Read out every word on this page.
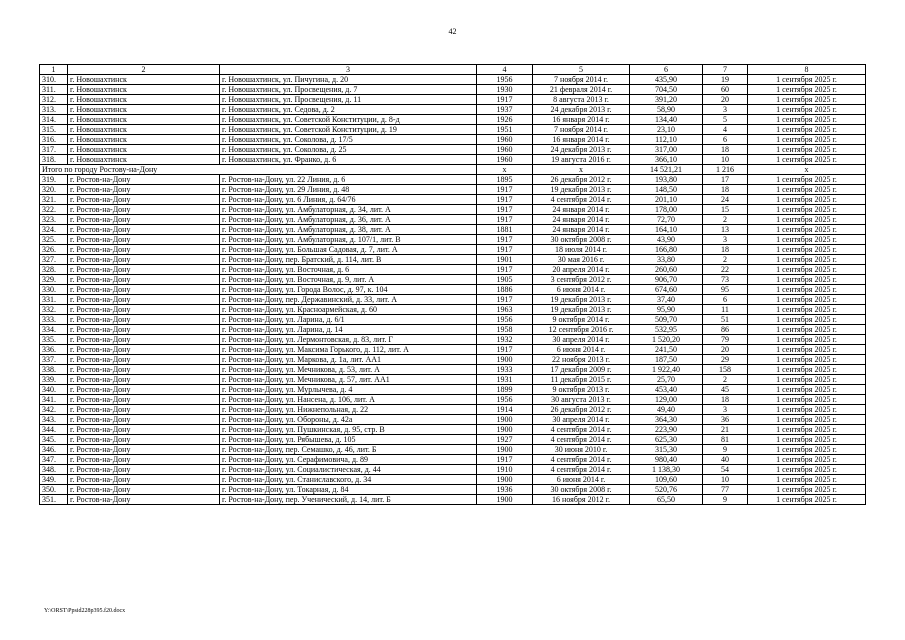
42
1	2	3	4	5	6	7	8
310.	г. Новошахтинск	г. Новошахтинск, ул. Пичугина, д. 20	1956	7 ноября 2014 г.	435,90	19	1 сентября 2025 г.
311.	г. Новошахтинск	г. Новошахтинск, ул. Просвещения, д. 7	1930	21 февраля 2014 г.	704,50	60	1 сентября 2025 г.
312.	г. Новошахтинск	г. Новошахтинск, ул. Просвещения, д. 11	1917	8 августа 2013 г.	391,20	20	1 сентября 2025 г.
313.	г. Новошахтинск	г. Новошахтинск, ул. Седова, д. 2	1937	24 декабря 2013 г.	58,90	3	1 сентября 2025 г.
314.	г. Новошахтинск	г. Новошахтинск, ул. Советской Конституции, д. 8-д	1926	16 января 2014 г.	134,40	5	1 сентября 2025 г.
315.	г. Новошахтинск	г. Новошахтинск, ул. Советской Конституции, д. 19	1951	7 ноября 2014 г.	23,10	4	1 сентября 2025 г.
316.	г. Новошахтинск	г. Новошахтинск, ул. Соколова, д. 17/5	1960	16 января 2014 г.	112,10	6	1 сентября 2025 г.
317.	г. Новошахтинск	г. Новошахтинск, ул. Соколова, д. 25	1960	24 декабря 2013 г.	317,00	18	1 сентября 2025 г.
318.	г. Новошахтинск	г. Новошахтинск, ул. Франко, д. 6	1960	19 августа 2016 г.	366,10	10	1 сентября 2025 г.
Итого по городу Ростову-на-Дону			x	x	14 521,21	1 216	x
319.	г. Ростов-на-Дону	г. Ростов-на-Дону, ул. 22 Линия, д. 6	1895	26 декабря 2012 г.	193,80	17	1 сентября 2025 г.
320.	г. Ростов-на-Дону	г. Ростов-на-Дону, ул. 29 Линия, д. 48	1917	19 декабря 2013 г.	148,50	18	1 сентября 2025 г.
321.	г. Ростов-на-Дону	г. Ростов-на-Дону, ул. 6 Линия, д. 64/76	1917	4 сентября 2014 г.	201,10	24	1 сентября 2025 г.
322.	г. Ростов-на-Дону	г. Ростов-на-Дону, ул. Амбулаторная, д. 34, лит. А	1917	24 января 2014 г.	178,00	15	1 сентября 2025 г.
323.	г. Ростов-на-Дону	г. Ростов-на-Дону, ул. Амбулаторная, д. 36, лит. А	1917	24 января 2014 г.	72,70	2	1 сентября 2025 г.
324.	г. Ростов-на-Дону	г. Ростов-на-Дону, ул. Амбулаторная, д. 38, лит. А	1881	24 января 2014 г.	164,10	13	1 сентября 2025 г.
325.	г. Ростов-на-Дону	г. Ростов-на-Дону, ул. Амбулаторная, д. 107/1, лит. В	1917	30 октября 2008 г.	43,90	3	1 сентября 2025 г.
326.	г. Ростов-на-Дону	г. Ростов-на-Дону, ул. Большая Садовая, д. 7, лит. А	1917	18 июля 2014 г.	166,80	18	1 сентября 2025 г.
327.	г. Ростов-на-Дону	г. Ростов-на-Дону, пер. Братский, д. 114, лит. В	1901	30 мая 2016 г.	33,80	2	1 сентября 2025 г.
328.	г. Ростов-на-Дону	г. Ростов-на-Дону, ул. Восточная, д. 6	1917	20 апреля 2014 г.	260,60	22	1 сентября 2025 г.
329.	г. Ростов-на-Дону	г. Ростов-на-Дону, ул. Восточная, д. 9, лит. А	1905	3 сентября 2012 г.	906,70	73	1 сентября 2025 г.
330.	г. Ростов-на-Дону	г. Ростов-на-Дону, ул. Города Волос, д. 97, к. 104	1886	6 июня 2014 г.	674,60	95	1 сентября 2025 г.
331.	г. Ростов-на-Дону	г. Ростов-на-Дону, пер. Державинский, д. 33, лит. А	1917	19 декабря 2013 г.	37,40	6	1 сентября 2025 г.
332.	г. Ростов-на-Дону	г. Ростов-на-Дону, ул. Красноармейская, д. 60	1963	19 декабря 2013 г.	95,90	11	1 сентября 2025 г.
333.	г. Ростов-на-Дону	г. Ростов-на-Дону, ул. Ларина, д. 6/1	1956	9 октября 2014 г.	509,70	51	1 сентября 2025 г.
334.	г. Ростов-на-Дону	г. Ростов-на-Дону, ул. Ларина, д. 14	1958	12 сентября 2016 г.	532,95	86	1 сентября 2025 г.
335.	г. Ростов-на-Дону	г. Ростов-на-Дону, ул. Лермонтовская, д. 83, лит. Г	1932	30 апреля 2014 г.	1 520,20	79	1 сентября 2025 г.
336.	г. Ростов-на-Дону	г. Ростов-на-Дону, ул. Максима Горького, д. 112, лит. А	1917	6 июня 2014 г.	241,50	20	1 сентября 2025 г.
337.	г. Ростов-на-Дону	г. Ростов-на-Дону, ул. Маркова, д. 1а, лит. АА1	1900	22 ноября 2013 г.	187,50	29	1 сентября 2025 г.
338.	г. Ростов-на-Дону	г. Ростов-на-Дону, ул. Мечникова, д. 53, лит. А	1933	17 декабря 2009 г.	1 922,40	158	1 сентября 2025 г.
339.	г. Ростов-на-Дону	г. Ростов-на-Дону, ул. Мечникова, д. 57, лит. АА1	1931	11 декабря 2015 г.	25,70	2	1 сентября 2025 г.
340.	г. Ростов-на-Дону	г. Ростов-на-Дону, ул. Мурлычева, д. 4	1899	9 октября 2013 г.	453,40	45	1 сентября 2025 г.
341.	г. Ростов-на-Дону	г. Ростов-на-Дону, ул. Нансена, д. 106, лит. А	1956	30 августа 2013 г.	129,00	18	1 сентября 2025 г.
342.	г. Ростов-на-Дону	г. Ростов-на-Дону, ул. Нижнепольная, д. 22	1914	26 декабря 2012 г.	49,40	3	1 сентября 2025 г.
343.	г. Ростов-на-Дону	г. Ростов-на-Дону, ул. Обороны, д. 42а	1900	30 апреля 2014 г.	364,30	36	1 сентября 2025 г.
344.	г. Ростов-на-Дону	г. Ростов-на-Дону, ул. Пушкинская, д. 95, стр. В	1900	4 сентября 2014 г.	223,90	21	1 сентября 2025 г.
345.	г. Ростов-на-Дону	г. Ростов-на-Дону, ул. Рябышева, д. 105	1927	4 сентября 2014 г.	625,30	81	1 сентября 2025 г.
346.	г. Ростов-на-Дону	г. Ростов-на-Дону, пер. Семашко, д. 46, лит. Б	1900	30 июня 2010 г.	315,30	9	1 сентября 2025 г.
347.	г. Ростов-на-Дону	г. Ростов-на-Дону, ул. Серафимовича, д. 89	1917	4 сентября 2014 г.	980,40	40	1 сентября 2025 г.
348.	г. Ростов-на-Дону	г. Ростов-на-Дону, ул. Социалистическая, д. 44	1910	4 сентября 2014 г.	1 138,30	54	1 сентября 2025 г.
349.	г. Ростов-на-Дону	г. Ростов-на-Дону, ул. Станиславского, д. 34	1900	6 июня 2014 г.	109,60	10	1 сентября 2025 г.
350.	г. Ростов-на-Дону	г. Ростов-на-Дону, ул. Токарная, д. 84	1936	30 октября 2008 г.	520,76	77	1 сентября 2025 г.
351.	г. Ростов-на-Дону	г. Ростов-на-Дону, пер. Ученический, д. 14, лит. Б	1900	16 ноября 2012 г.	65,50	9	1 сентября 2025 г.
Y:\ORST\Ppsid228p395.f20.docx
